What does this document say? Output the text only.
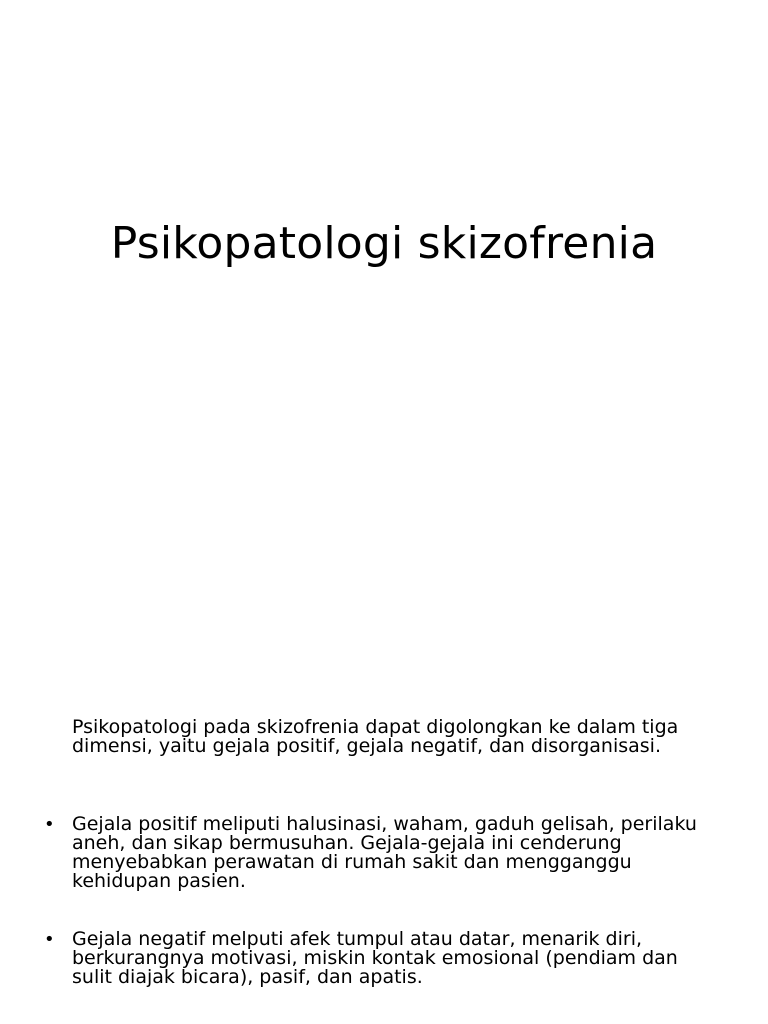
Psikopatologi skizofrenia

Psikopatologi pada skizofrenia dapat digolongkan ke dalam tiga dimensi, yaitu gejala positif, gejala negatif, dan disorganisasi.

• Gejala positif meliputi halusinasi, waham, gaduh gelisah, perilaku aneh, dan sikap bermusuhan. Gejala-gejala ini cenderung menyebabkan perawatan di rumah sakit dan mengganggu kehidupan pasien.

• Gejala negatif melputi afek tumpul atau datar, menarik diri, berkurangnya motivasi, miskin kontak emosional (pendiam dan sulit diajak bicara), pasif, dan apatis.
